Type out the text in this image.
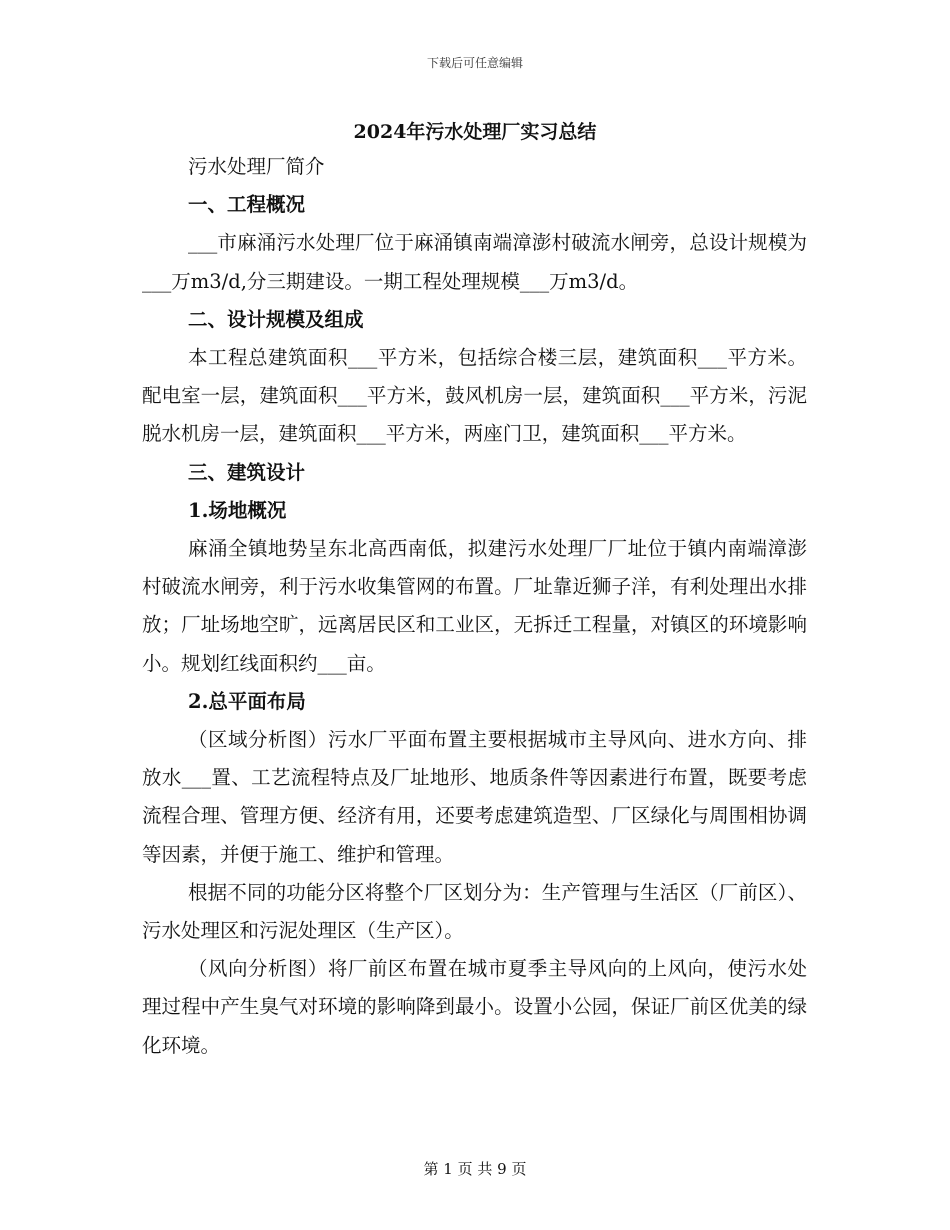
下载后可任意编辑
2024年污水处理厂实习总结

污水处理厂简介

一、工程概况

___市麻涌污水处理厂位于麻涌镇南端漳澎村破流水闸旁，总设计规模为___万m3/d,分三期建设。一期工程处理规模___万m3/d。

二、设计规模及组成

本工程总建筑面积___平方米，包括综合楼三层，建筑面积___平方米。配电室一层，建筑面积___平方米，鼓风机房一层，建筑面积___平方米，污泥脱水机房一层，建筑面积___平方米，两座门卫，建筑面积___平方米。

三、建筑设计

1.场地概况

麻涌全镇地势呈东北高西南低，拟建污水处理厂厂址位于镇内南端漳澎村破流水闸旁，利于污水收集管网的布置。厂址靠近狮子洋，有利处理出水排放；厂址场地空旷，远离居民区和工业区，无拆迁工程量，对镇区的环境影响小。规划红线面积约___亩。

2.总平面布局

（区域分析图）污水厂平面布置主要根据城市主导风向、进水方向、排放水___置、工艺流程特点及厂址地形、地质条件等因素进行布置，既要考虑流程合理、管理方便、经济有用，还要考虑建筑造型、厂区绿化与周围相协调等因素，并便于施工、维护和管理。

根据不同的功能分区将整个厂区划分为：生产管理与生活区（厂前区）、污水处理区和污泥处理区（生产区）。

（风向分析图）将厂前区布置在城市夏季主导风向的上风向，使污水处理过程中产生臭气对环境的影响降到最小。设置小公园，保证厂前区优美的绿化环境。

第 1 页 共 9 页
